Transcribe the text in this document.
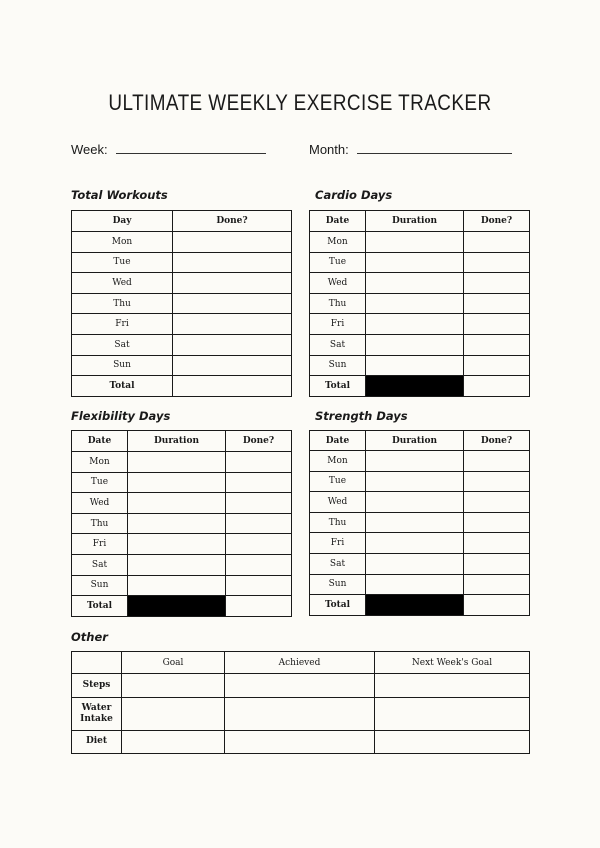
ULTIMATE WEEKLY EXERCISE TRACKER
Week:	Month:
Total Workouts
Day	Done?
Mon	
Tue	
Wed	
Thu	
Fri	
Sat	
Sun	
Total	
Cardio Days
Date	Duration	Done?
Mon		
Tue		
Wed		
Thu		
Fri		
Sat		
Sun		
Total		
Flexibility Days
Date	Duration	Done?
Mon		
Tue		
Wed		
Thu		
Fri		
Sat		
Sun		
Total		
Strength Days
Date	Duration	Done?
Mon		
Tue		
Wed		
Thu		
Fri		
Sat		
Sun		
Total		
Other
	Goal	Achieved	Next Week's Goal
Steps			
Water Intake			
Diet			
